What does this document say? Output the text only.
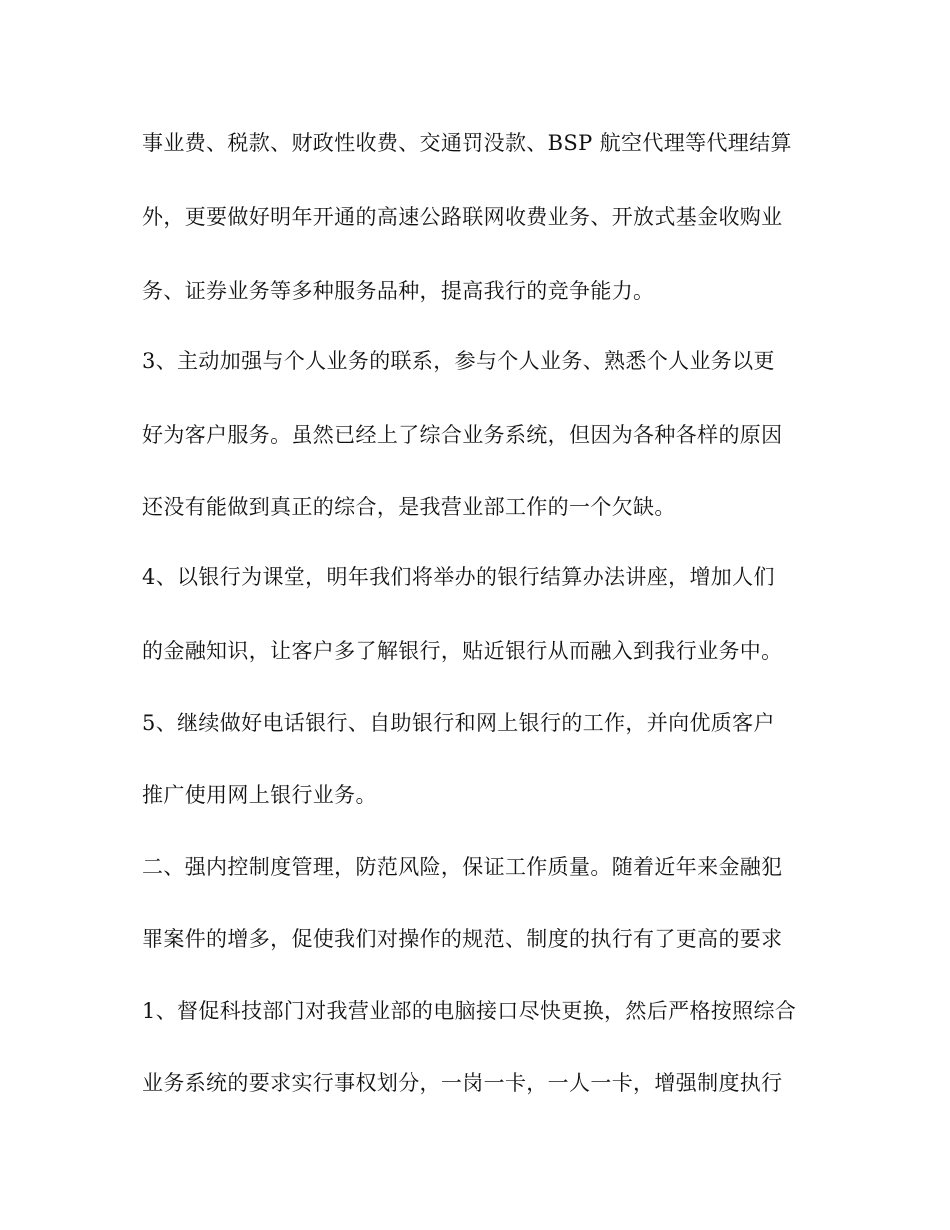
事业费、税款、财政性收费、交通罚没款、BSP 航空代理等代理结算
外，更要做好明年开通的高速公路联网收费业务、开放式基金收购业
务、证券业务等多种服务品种，提高我行的竞争能力。
3、主动加强与个人业务的联系，参与个人业务、熟悉个人业务以更
好为客户服务。虽然已经上了综合业务系统，但因为各种各样的原因
还没有能做到真正的综合，是我营业部工作的一个欠缺。
4、以银行为课堂，明年我们将举办的银行结算办法讲座，增加人们
的金融知识，让客户多了解银行，贴近银行从而融入到我行业务中。
5、继续做好电话银行、自助银行和网上银行的工作，并向优质客户
推广使用网上银行业务。
二、强内控制度管理，防范风险，保证工作质量。随着近年来金融犯
罪案件的增多，促使我们对操作的规范、制度的执行有了更高的要求
1、督促科技部门对我营业部的电脑接口尽快更换，然后严格按照综合
业务系统的要求实行事权划分，一岗一卡，一人一卡，增强制度执行
